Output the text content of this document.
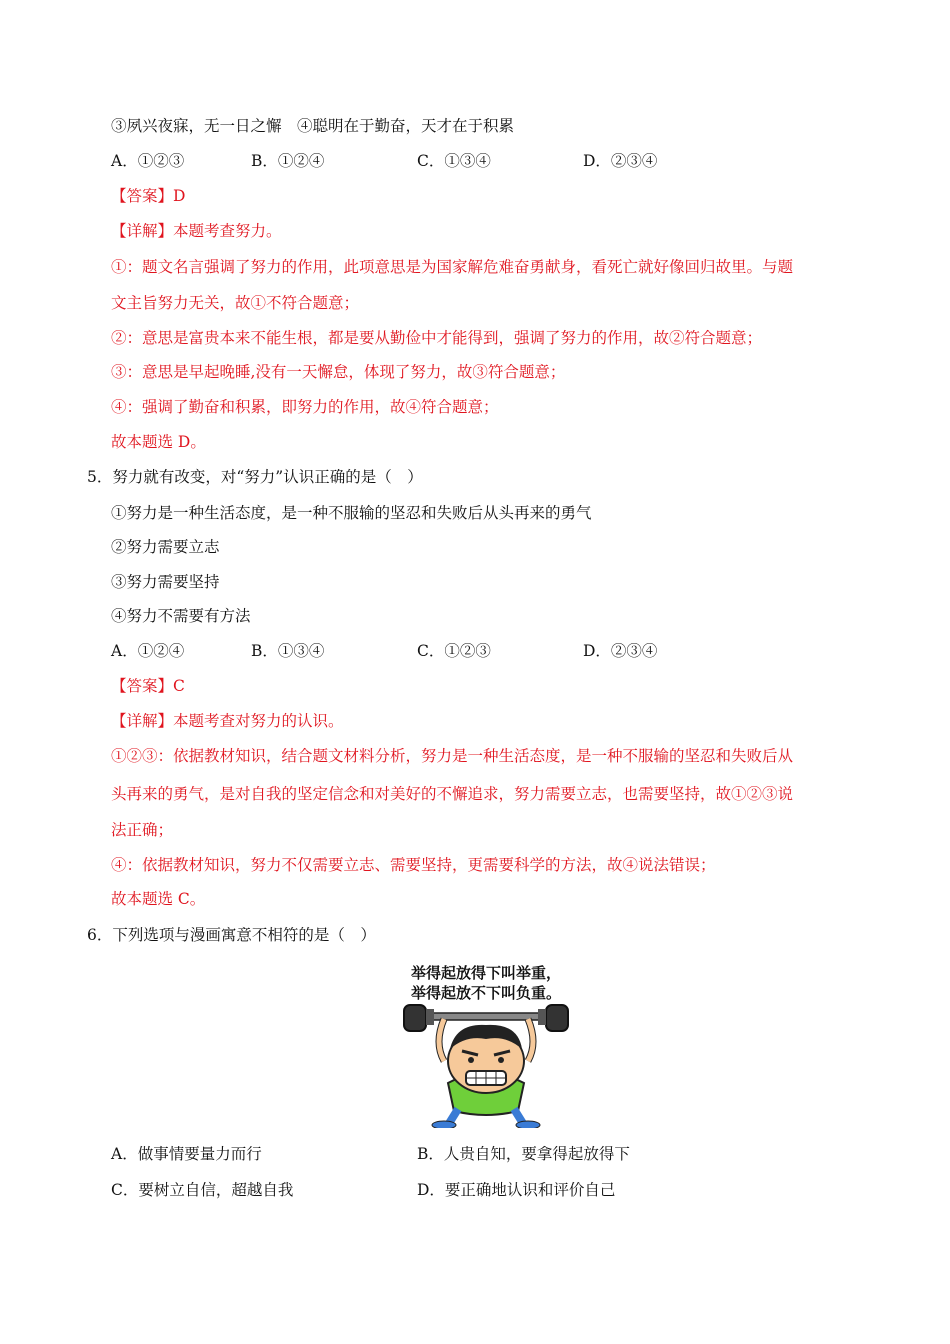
③夙兴夜寐，无一日之懈　④聪明在于勤奋，天才在于积累
A．①②③	B．①②④	C．①③④	D．②③④
【答案】D
【详解】本题考查努力。
①：题文名言强调了努力的作用，此项意思是为国家解危难奋勇献身，看死亡就好像回归故里。与题
文主旨努力无关，故①不符合题意；
②：意思是富贵本来不能生根，都是要从勤俭中才能得到，强调了努力的作用，故②符合题意；
③：意思是早起晚睡,没有一天懈怠，体现了努力，故③符合题意；
④：强调了勤奋和积累，即努力的作用，故④符合题意；
故本题选 D。
5．努力就有改变，对“努力”认识正确的是（　）
①努力是一种生活态度，是一种不服输的坚忍和失败后从头再来的勇气
②努力需要立志
③努力需要坚持
④努力不需要有方法
A．①②④	B．①③④	C．①②③	D．②③④
【答案】C
【详解】本题考查对努力的认识。
①②③：依据教材知识，结合题文材料分析，努力是一种生活态度，是一种不服输的坚忍和失败后从
头再来的勇气，是对自我的坚定信念和对美好的不懈追求，努力需要立志，也需要坚持，故①②③说
法正确；
④：依据教材知识，努力不仅需要立志、需要坚持，更需要科学的方法，故④说法错误；
故本题选 C。
6．下列选项与漫画寓意不相符的是（　）
举得起放得下叫举重，
举得起放不下叫负重。
A．做事情要量力而行	B．人贵自知，要拿得起放得下
C．要树立自信，超越自我	D．要正确地认识和评价自己
